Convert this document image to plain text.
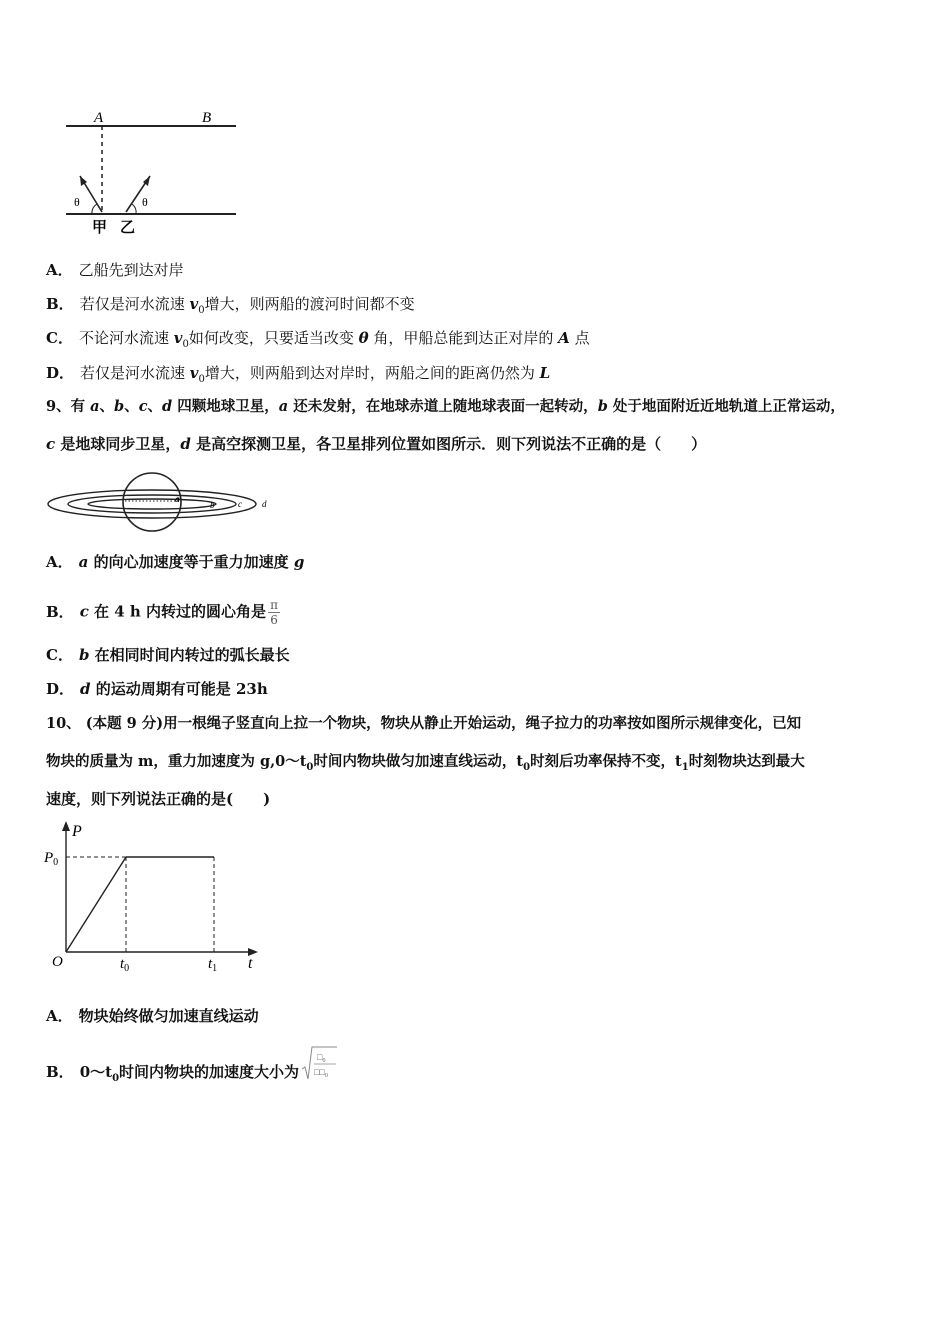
A	B
θ	θ
甲 乙
A． 乙船先到达对岸
B． 若仅是河水流速 $v_0$增大，则两船的渡河时间都不变
C． 不论河水流速 $v_0$如何改变，只要适当改变 θ 角，甲船总能到达正对岸的 A 点
D． 若仅是河水流速 $v_0$增大，则两船到达对岸时，两船之间的距离仍然为 L
9、有 a、b、c、d 四颗地球卫星，a 还未发射，在地球赤道上随地球表面一起转动，b 处于地面附近近地轨道上正常运动，
c 是地球同步卫星，d 是高空探测卫星，各卫星排列位置如图所示．则下列说法不正确的是（　　）
a
b	c d
A． a 的向心加速度等于重力加速度 g
B． c 在 4 h 内转过的圆心角是 $\frac{\pi}{6}$
C． b 在相同时间内转过的弧长最长
D． d 的运动周期有可能是 23h
10、 (本题 9 分)用一根绳子竖直向上拉一个物块，物块从静止开始运动，绳子拉力的功率按如图所示规律变化，已知
物块的质量为 m，重力加速度为 $g,0\sim t_0$时间内物块做匀加速直线运动，$t_0$时刻后功率保持不变，$t_1$时刻物块达到最大
速度，则下列说法正确的是(　　)
P
$P_0$
O	$t_0$	$t_1$ t
A． 物块始终做匀加速直线运动
B． $0\sim t_0$时间内物块的加速度大小为
$□_0$
$□□_0$
